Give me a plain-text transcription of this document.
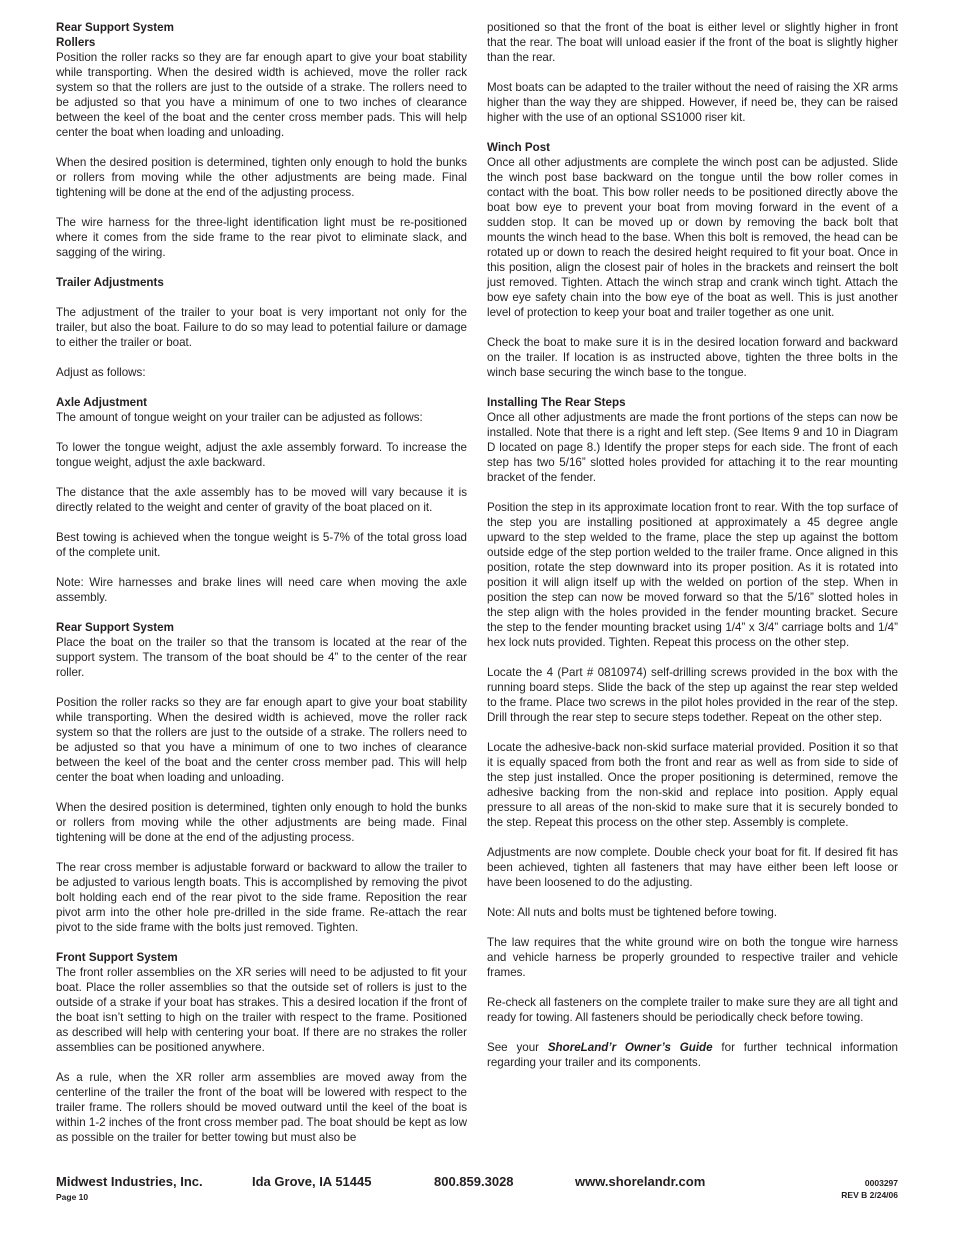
Rear Support System
Rollers

Position the roller racks so they are far enough apart to give your boat stability while transporting. When the desired width is achieved, move the roller rack system so that the rollers are just to the outside of a strake. The rollers need to be adjusted so that you have a minimum of one to two inches of clearance between the keel of the boat and the center cross member pads. This will help center the boat when loading and unloading.

When the desired position is determined, tighten only enough to hold the bunks or rollers from moving while the other adjustments are being made. Final tightening will be done at the end of the adjusting process.

The wire harness for the three-light identification light must be re-positioned where it comes from the side frame to the rear pivot to eliminate slack, and sagging of the wiring.

Trailer Adjustments

The adjustment of the trailer to your boat is very important not only for the trailer, but also the boat. Failure to do so may lead to potential failure or damage to either the trailer or boat.

Adjust as follows:

Axle Adjustment

The amount of tongue weight on your trailer can be adjusted as follows:

To lower the tongue weight, adjust the axle assembly forward. To increase the tongue weight, adjust the axle backward.

The distance that the axle assembly has to be moved will vary because it is directly related to the weight and center of gravity of the boat placed on it.

Best towing is achieved when the tongue weight is 5-7% of the total gross load of the complete unit.

Note: Wire harnesses and brake lines will need care when moving the axle assembly.

Rear Support System

Place the boat on the trailer so that the transom is located at the rear of the support system. The transom of the boat should be 4” to the center of the rear roller.

Position the roller racks so they are far enough apart to give your boat stability while transporting. When the desired width is achieved, move the roller rack system so that the rollers are just to the outside of a strake. The rollers need to be adjusted so that you have a minimum of one to two inches of clearance between the keel of the boat and the center cross member pad. This will help center the boat when loading and unloading.

When the desired position is determined, tighten only enough to hold the bunks or rollers from moving while the other adjustments are being made. Final tightening will be done at the end of the adjusting process.

The rear cross member is adjustable forward or backward to allow the trailer to be adjusted to various length boats. This is accomplished by removing the pivot bolt holding each end of the rear pivot to the side frame. Reposition the rear pivot arm into the other hole pre-drilled in the side frame. Re-attach the rear pivot to the side frame with the bolts just removed. Tighten.

Front Support System

The front roller assemblies on the XR series will need to be adjusted to fit your boat. Place the roller assemblies so that the outside set of rollers is just to the outside of a strake if your boat has strakes. This a desired location if the front of the boat isn’t setting to high on the trailer with respect to the frame. Positioned as described will help with centering your boat. If there are no strakes the roller assemblies can be positioned anywhere.

As a rule, when the XR roller arm assemblies are moved away from the centerline of the trailer the front of the boat will be lowered with respect to the trailer frame. The rollers should be moved outward until the keel of the boat is within 1-2 inches of the front cross member pad. The boat should be kept as low as possible on the trailer for better towing but must also be

positioned so that the front of the boat is either level or slightly higher in front that the rear. The boat will unload easier if the front of the boat is slightly higher than the rear.

Most boats can be adapted to the trailer without the need of raising the XR arms higher than the way they are shipped. However, if need be, they can be raised higher with the use of an optional SS1000 riser kit.

Winch Post

Once all other adjustments are complete the winch post can be adjusted. Slide the winch post base backward on the tongue until the bow roller comes in contact with the boat. This bow roller needs to be positioned directly above the boat bow eye to prevent your boat from moving forward in the event of a sudden stop. It can be moved up or down by removing the back bolt that mounts the winch head to the base. When this bolt is removed, the head can be rotated up or down to reach the desired height required to fit your boat. Once in this position, align the closest pair of holes in the brackets and reinsert the bolt just removed. Tighten. Attach the winch strap and crank winch tight. Attach the bow eye safety chain into the bow eye of the boat as well. This is just another level of protection to keep your boat and trailer together as one unit.

Check the boat to make sure it is in the desired location forward and backward on the trailer. If location is as instructed above, tighten the three bolts in the winch base securing the winch base to the tongue.

Installing The Rear Steps

Once all other adjustments are made the front portions of the steps can now be installed. Note that there is a right and left step. (See Items 9 and 10 in Diagram D located on page 8.) Identify the proper steps for each side. The front of each step has two 5/16” slotted holes provided for attaching it to the rear mounting bracket of the fender.

Position the step in its approximate location front to rear. With the top surface of the step you are installing positioned at approximately a 45 degree angle upward to the step welded to the frame, place the step up against the bottom outside edge of the step portion welded to the trailer frame. Once aligned in this position, rotate the step downward into its proper position. As it is rotated into position it will align itself up with the welded on portion of the step. When in position the step can now be moved forward so that the 5/16” slotted holes in the step align with the holes provided in the fender mounting bracket. Secure the step to the fender mounting bracket using 1/4” x 3/4” carriage bolts and 1/4” hex lock nuts provided. Tighten. Repeat this process on the other step.

Locate the 4 (Part # 0810974) self-drilling screws provided in the box with the running board steps. Slide the back of the step up against the rear step welded to the frame. Place two screws in the pilot holes provided in the rear of the step. Drill through the rear step to secure steps todether. Repeat on the other step.

Locate the adhesive-back non-skid surface material provided. Position it so that it is equally spaced from both the front and rear as well as from side to side of the step just installed. Once the proper positioning is determined, remove the adhesive backing from the non-skid and replace into position. Apply equal pressure to all areas of the non-skid to make sure that it is securely bonded to the step. Repeat this process on the other step. Assembly is complete.

Adjustments are now complete. Double check your boat for fit. If desired fit has been achieved, tighten all fasteners that may have either been left loose or have been loosened to do the adjusting.

Note: All nuts and bolts must be tightened before towing.

The law requires that the white ground wire on both the tongue wire harness and vehicle harness be properly grounded to respective trailer and vehicle frames.

Re-check all fasteners on the complete trailer to make sure they are all tight and ready for towing. All fasteners should be periodically check before towing.

See your ShoreLand’r Owner’s Guide for further technical information regarding your trailer and its components.

Midwest Industries, Inc.	Ida Grove, IA 51445	800.859.3028	www.shorelandr.com
Page 10
0003297
REV B 2/24/06
